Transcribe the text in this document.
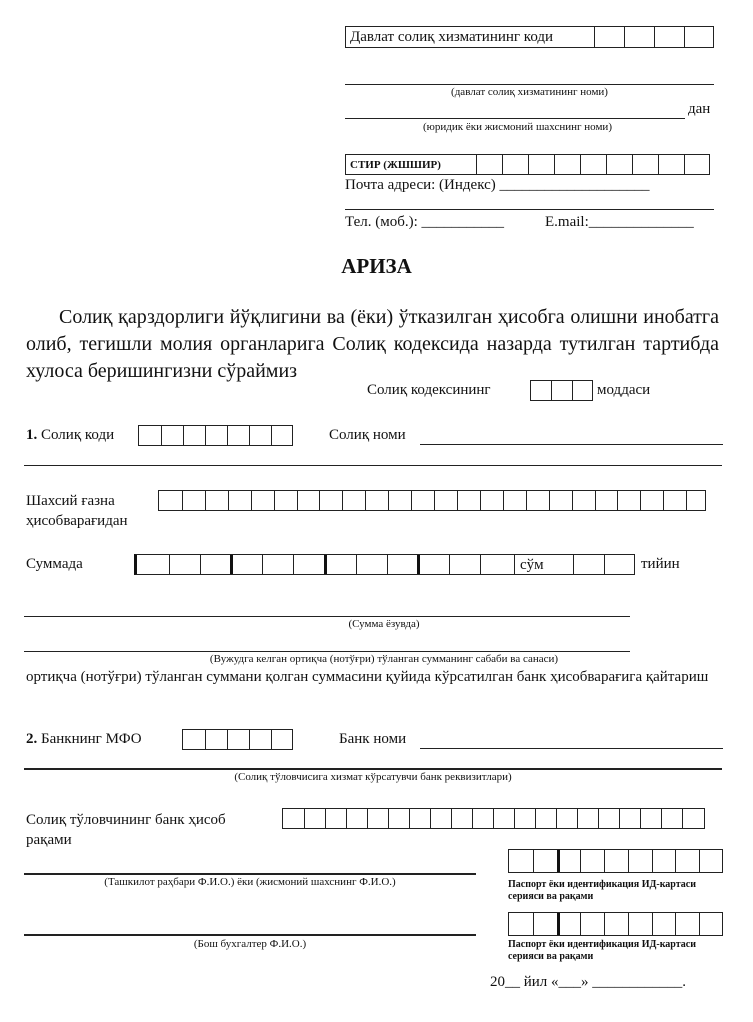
Давлат солиқ хизматининг коди
(давлат солиқ хизматининг номи)
дан
(юридик ёки жисмоний шахснинг номи)
СТИР (ЖШШИР)
Почта адреси: (Индекс) ____________________
Тел. (моб.): ___________	E.mail:______________
АРИЗА
Солиқ қарздорлиги йўқлигини ва (ёки) ўтказилган ҳисобга олишни инобатга олиб, тегишли молия органларига Солиқ кодексида назарда тутилган тартибда хулоса беришингизни сўраймиз
Солиқ кодексининг	моддаси
1. Солиқ коди	Солиқ номи
Шахсий ғазна
ҳисобварағидан
Суммада	сўм	тийин
(Сумма ёзувда)
(Вужудга келган ортиқча (нотўғри) тўланган сумманинг сабаби ва санаси)
ортиқча (нотўғри) тўланган суммани қолган суммасини қуйида кўрсатилган банк ҳисобварағига қайтариш
2. Банкнинг МФО	Банк номи
(Солиқ тўловчисига хизмат кўрсатувчи банк реквизитлари)
Солиқ тўловчининг банк ҳисоб
рақами
(Ташкилот раҳбари Ф.И.О.) ёки (жисмоний шахснинг Ф.И.О.)	Паспорт ёки идентификация ИД-картаси серияси ва рақами
(Бош бухгалтер Ф.И.О.)	Паспорт ёки идентификация ИД-картаси серияси ва рақами
20__ йил «___» ____________.
